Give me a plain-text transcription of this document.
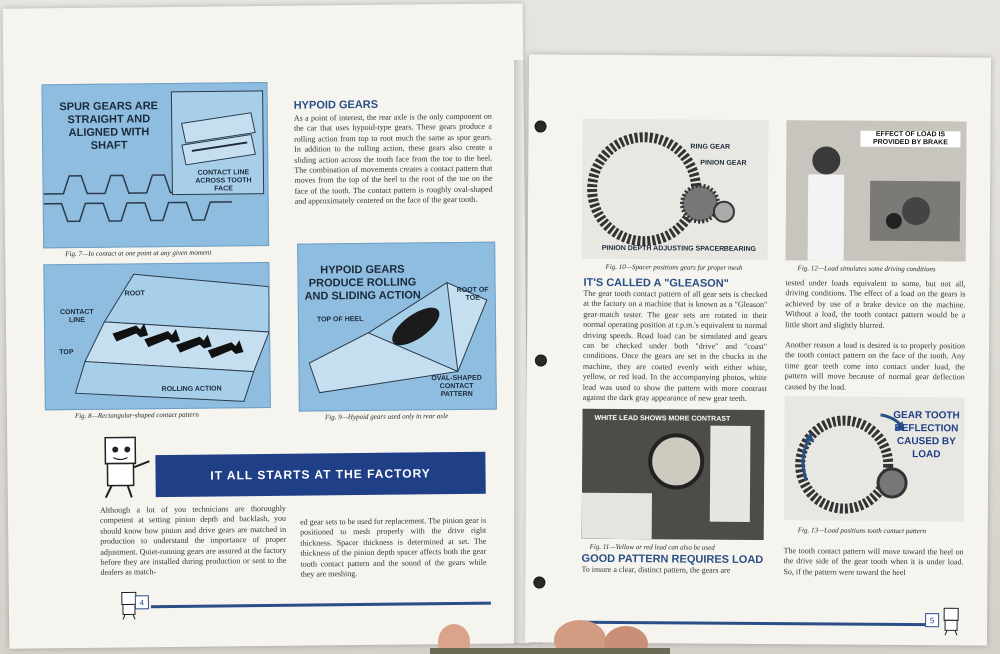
SPUR GEARS ARE STRAIGHT AND ALIGNED WITH SHAFT
CONTACT LINE ACROSS TOOTH FACE
Fig. 7—In contact at one point at any given moment
ROOT
CONTACT LINE
TOP
ROLLING ACTION
Fig. 8—Rectangular-shaped contact pattern
HYPOID GEARS
As a point of interest, the rear axle is the only component on the car that uses hypoid-type gears. These gears produce a rolling action from top to root much the same as spur gears. In addition to the rolling action, these gears also create a sliding action across the tooth face from the toe to the heel. The combination of movements creates a contact pattern that moves from the top of the heel to the root of the toe on the face of the tooth. The contact pattern is roughly oval-shaped and approximately centered on the face of the gear tooth.
HYPOID GEARS PRODUCE ROLLING AND SLIDING ACTION	ROOT OF TOE
TOP OF HEEL
OVAL-SHAPED CONTACT PATTERN
Fig. 9—Hypoid gears used only in rear axle
IT ALL STARTS AT THE FACTORY
Although a lot of you technicians are thoroughly competent at setting pinion depth and backlash, you should know how pinion and drive gears are matched in production to understand the importance of proper adjustment. Quiet-running gears are assured at the factory before they are installed during production or sent to the dealers as match-
ed gear sets to be used for replacement. The pinion gear is positioned to mesh properly with the drive right thickness. Spacer thickness is determined at set. The thickness of the pinion depth spacer affects both the gear tooth contact pattern and the sound of the gears while they are meshing.
4
RING GEAR
PINION GEAR
PINION DEPTH ADJUSTING SPACER BEARING
Fig. 10—Spacer positions gears for proper mesh
EFFECT OF LOAD IS PROVIDED BY BRAKE
Fig. 12—Load simulates some driving conditions
IT'S CALLED A "GLEASON"
The gear tooth contact pattern of all gear sets is checked at the factory on a machine that is known as a "Gleason" gear-match tester. The gear sets are rotated in their normal operating position at r.p.m.'s equivalent to normal driving speeds. Road load can be simulated and gears can be checked under both "drive" and "coast" conditions. Once the gears are set in the chucks in the machine, they are coated evenly with either white, yellow, or red lead. In the accompanying photos, white lead was used to show the pattern with more contrast against the dark gray appearance of new gear teeth.
tested under loads equivalent to some, but not all, driving conditions. The effect of a load on the gears is achieved by use of a brake device on the machine. Without a load, the tooth contact pattern would be a little short and slightly blurred.
Another reason a load is desired is to properly position the tooth contact pattern on the face of the tooth. Any time gear teeth come into contact under load, the pattern will move because of normal gear deflection caused by the load.
WHITE LEAD SHOWS MORE CONTRAST
Fig. 11—Yellow or red lead can also be used
GOOD PATTERN REQUIRES LOAD
To insure a clear, distinct pattern, the gears are
GEAR TOOTH DEFLECTION CAUSED BY LOAD
Fig. 13—Load positions tooth contact pattern
The tooth contact pattern will move toward the heel on the drive side of the gear tooth when it is under load. So, if the pattern were toward the heel
5
